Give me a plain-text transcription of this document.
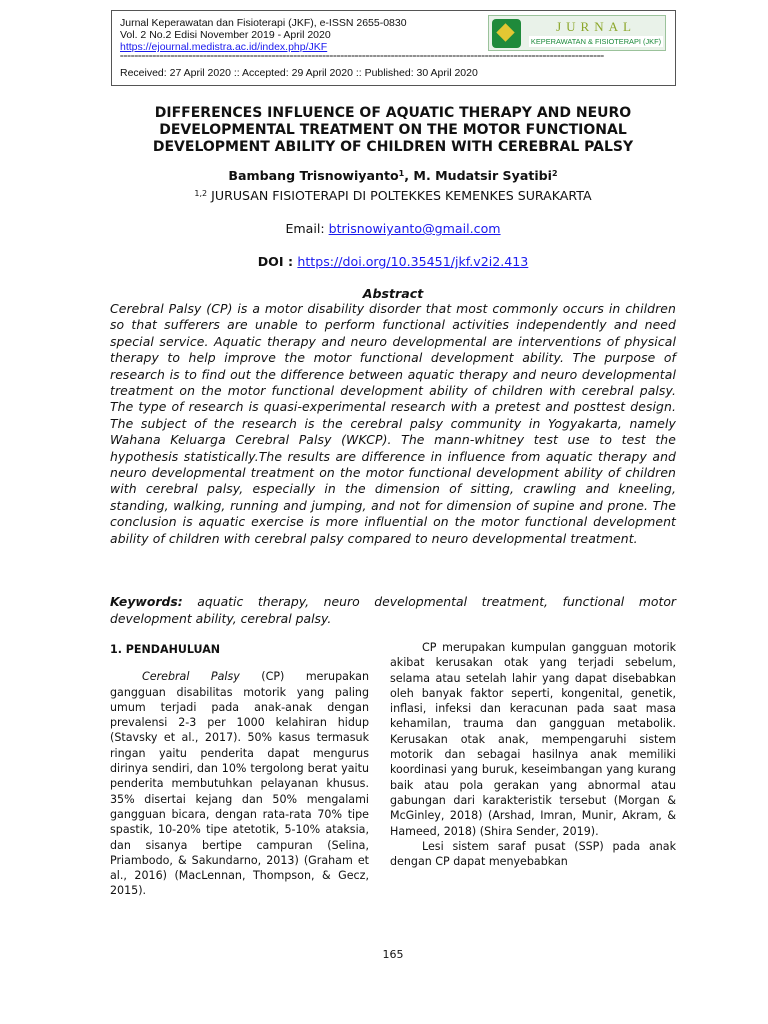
Jurnal Keperawatan dan Fisioterapi (JKF), e-ISSN 2655-0830
Vol. 2 No.2 Edisi November 2019 - April 2020
https://ejournal.medistra.ac.id/index.php/JKF
======================================================================================================================================
Received: 27 April 2020 :: Accepted: 29 April 2020 :: Published: 30 April 2020
JURNAL
KEPERAWATAN & FISIOTERAPI (JKF)
DIFFERENCES INFLUENCE OF AQUATIC THERAPY AND NEURO DEVELOPMENTAL TREATMENT ON THE MOTOR FUNCTIONAL DEVELOPMENT ABILITY OF CHILDREN WITH CEREBRAL PALSY
Bambang Trisnowiyanto$^1$, M. Mudatsir Syatibi$^2$
$^{1,2}$ JURUSAN FISIOTERAPI DI POLTEKKES KEMENKES SURAKARTA
Email: btrisnowiyanto@gmail.com
DOI : https://doi.org/10.35451/jkf.v2i2.413
Abstract
Cerebral Palsy (CP) is a motor disability disorder that most commonly occurs in children so that sufferers are unable to perform functional activities independently and need special service. Aquatic therapy and neuro developmental are interventions of physical therapy to help improve the motor functional development ability. The purpose of research is to find out the difference between aquatic therapy and neuro developmental treatment on the motor functional development ability of children with cerebral palsy. The type of research is quasi-experimental research with a pretest and posttest design. The subject of the research is the cerebral palsy community in Yogyakarta, namely Wahana Keluarga Cerebral Palsy (WKCP). The mann-whitney test use to test the hypothesis statistically.The results are difference in influence from aquatic therapy and neuro developmental treatment on the motor functional development ability of children with cerebral palsy, especially in the dimension of sitting, crawling and kneeling, standing, walking, running and jumping, and not for dimension of supine and prone. The conclusion is aquatic exercise is more influential on the motor functional development ability of children with cerebral palsy compared to neuro developmental treatment.
Keywords: aquatic therapy, neuro developmental treatment, functional motor development ability, cerebral palsy.
1. PENDAHULUAN
Cerebral Palsy (CP) merupakan gangguan disabilitas motorik yang paling umum terjadi pada anak-anak dengan prevalensi 2-3 per 1000 kelahiran hidup (Stavsky et al., 2017). 50% kasus termasuk ringan yaitu penderita dapat mengurus dirinya sendiri, dan 10% tergolong berat yaitu penderita membutuhkan pelayanan khusus. 35% disertai kejang dan 50% mengalami gangguan bicara, dengan rata-rata 70% tipe spastik, 10-20% tipe atetotik, 5-10% ataksia, dan sisanya bertipe campuran (Selina, Priambodo, & Sakundarno, 2013) (Graham et al., 2016) (MacLennan, Thompson, & Gecz, 2015).
CP merupakan kumpulan gangguan motorik akibat kerusakan otak yang terjadi sebelum, selama atau setelah lahir yang dapat disebabkan oleh banyak faktor seperti, kongenital, genetik, inflasi, infeksi dan keracunan pada saat masa kehamilan, trauma dan gangguan metabolik. Kerusakan otak anak, mempengaruhi sistem motorik dan sebagai hasilnya anak memiliki koordinasi yang buruk, keseimbangan yang kurang baik atau pola gerakan yang abnormal atau gabungan dari karakteristik tersebut (Morgan & McGinley, 2018) (Arshad, Imran, Munir, Akram, & Hameed, 2018) (Shira Sender, 2019).
Lesi sistem saraf pusat (SSP) pada anak dengan CP dapat menyebabkan
165
